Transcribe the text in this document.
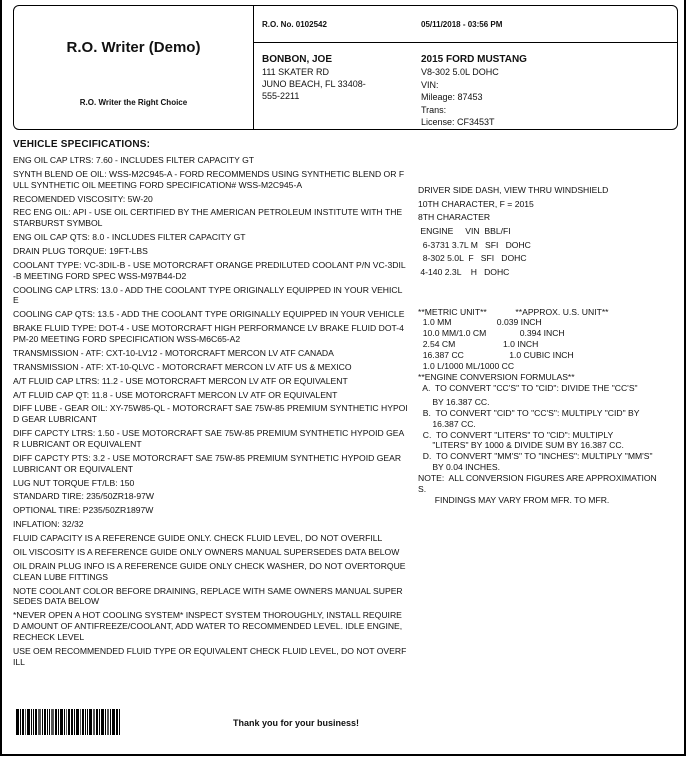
R.O. Writer (Demo)
R.O. Writer the Right Choice
R.O. No. 0102542	05/11/2018 - 03:56 PM
BONBON, JOE
111 SKATER RD
JUNO BEACH, FL 33408-
555-2211
2015 FORD MUSTANG
V8-302 5.0L DOHC
VIN:
Mileage: 87453
Trans:
License: CF3453T
VEHICLE SPECIFICATIONS:
ENG OIL CAP LTRS: 7.60 - INCLUDES FILTER CAPACITY GT
SYNTH BLEND OE OIL: WSS-M2C945-A - FORD RECOMMENDS USING SYNTHETIC BLEND OR FULL SYNTHETIC OIL MEETING FORD SPECIFICATION# WSS-M2C945-A
RECOMENDED VISCOSITY: 5W-20
REC ENG OIL: API - USE OIL CERTIFIED BY THE AMERICAN PETROLEUM INSTITUTE WITH THE STARBURST SYMBOL
ENG OIL CAP QTS: 8.0 - INCLUDES FILTER CAPACITY GT
DRAIN PLUG TORQUE: 19FT-LBS
COOLANT TYPE: VC-3DIL-B - USE MOTORCRAFT ORANGE PREDILUTED COOLANT P/N VC-3DIL-B MEETING FORD SPEC WSS-M97B44-D2
COOLING CAP LTRS: 13.0 - ADD THE COOLANT TYPE ORIGINALLY EQUIPPED IN YOUR VEHICLE
COOLING CAP QTS: 13.5 - ADD THE COOLANT TYPE ORIGINALLY EQUIPPED IN YOUR VEHICLE
BRAKE FLUID TYPE: DOT-4 - USE MOTORCRAFT HIGH PERFORMANCE LV BRAKE FLUID DOT-4 PM-20 MEETING FORD SPECIFICATION WSS-M6C65-A2
TRANSMISSION - ATF: CXT-10-LV12 - MOTORCRAFT MERCON LV ATF CANADA
TRANSMISSION - ATF: XT-10-QLVC - MOTORCRAFT MERCON LV ATF US & MEXICO
A/T FLUID CAP LTRS: 11.2 - USE MOTORCRAFT MERCON LV ATF OR EQUIVALENT
A/T FLUID CAP QT: 11.8 - USE MOTORCRAFT MERCON LV ATF OR EQUIVALENT
DIFF LUBE - GEAR OIL: XY-75W85-QL - MOTORCRAFT SAE 75W-85 PREMIUM SYNTHETIC HYPOID GEAR LUBRICANT
DIFF CAPCTY LTRS: 1.50 - USE MOTORCRAFT SAE 75W-85 PREMIUM SYNTHETIC HYPOID GEAR LUBRICANT OR EQUIVALENT
DIFF CAPCTY PTS: 3.2 - USE MOTORCRAFT SAE 75W-85 PREMIUM SYNTHETIC HYPOID GEAR LUBRICANT OR EQUIVALENT
LUG NUT TORQUE FT/LB: 150
STANDARD TIRE: 235/50ZR18-97W
OPTIONAL TIRE: P235/50ZR1897W
INFLATION: 32/32
FLUID CAPACITY IS A REFERENCE GUIDE ONLY. CHECK FLUID LEVEL, DO NOT OVERFILL
OIL VISCOSITY IS A REFERENCE GUIDE ONLY OWNERS MANUAL SUPERSEDES DATA BELOW
OIL DRAIN PLUG INFO IS A REFERENCE GUIDE ONLY CHECK WASHER, DO NOT OVERTORQUE CLEAN LUBE FITTINGS
NOTE COOLANT COLOR BEFORE DRAINING, REPLACE WITH SAME OWNERS MANUAL SUPERSEDES DATA BELOW
*NEVER OPEN A HOT COOLING SYSTEM* INSPECT SYSTEM THOROUGHLY, INSTALL REQUIRED AMOUNT OF ANTIFREEZE/COOLANT, ADD WATER TO RECOMMENDED LEVEL. IDLE ENGINE, RECHECK LEVEL
USE OEM RECOMMENDED FLUID TYPE OR EQUIVALENT CHECK FLUID LEVEL, DO NOT OVERFILL

DRIVER SIDE DASH, VIEW THRU WINDSHIELD
10TH CHARACTER, F = 2015
8TH CHARACTER
ENGINE     VIN  BBL/FI
6-3731 3.7L M   SFI   DOHC
8-302 5.0L  F   SFI   DOHC
4-140 2.3L    H   DOHC

**METRIC UNIT**            **APPROX. U.S. UNIT**
1.0 MM                   0.039 INCH
10.0 MM/1.0 CM              0.394 INCH
2.54 CM                    1.0 INCH
16.387 CC                   1.0 CUBIC INCH
1.0 L/1000 ML/1000 CC
**ENGINE CONVERSION FORMULAS**
A.  TO CONVERT "CC'S" TO "CID": DIVIDE THE "CC'S"
BY 16.387 CC.
B.  TO CONVERT "CID" TO "CC'S": MULTIPLY "CID" BY
16.387 CC.
C.  TO CONVERT "LITERS" TO "CID": MULTIPLY
"LITERS" BY 1000 & DIVIDE SUM BY 16.387 CC.
D.  TO CONVERT "MM'S" TO "INCHES": MULTIPLY "MM'S"
BY 0.04 INCHES.
NOTE:  ALL CONVERSION FIGURES ARE APPROXIMATION
S.
FINDINGS MAY VARY FROM MFR. TO MFR.

Thank you for your business!
